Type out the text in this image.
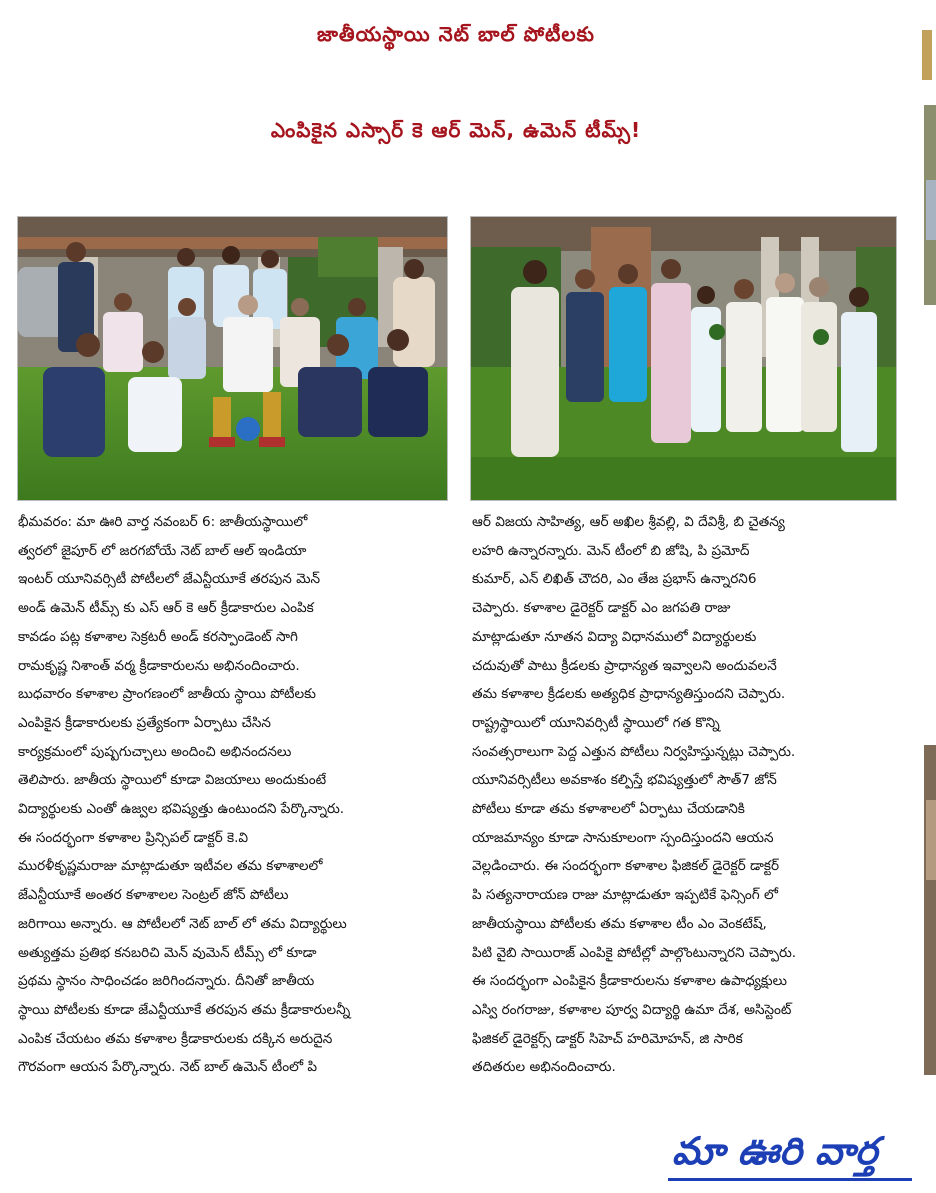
జాతీయస్థాయి నెట్ బాల్ పోటీలకు
ఎంపికైన ఎస్సార్ కె ఆర్ మెన్, ఉమెన్ టీమ్స్!

భీమవరం: మా ఊరి వార్త నవంబర్ 6: జాతీయస్థాయిలో

త్వరలో జైపూర్ లో జరగబోయే నెట్ బాల్ ఆల్ ఇండియా

ఇంటర్ యూనివర్సిటీ పోటీలలో జేఎన్టీయూకే తరపున మెన్

అండ్ ఉమెన్ టీమ్స్ కు ఎస్ ఆర్ కె ఆర్ క్రీడాకారుల ఎంపిక

కావడం పట్ల కళాశాల సెక్రటరీ అండ్ కరస్పాండెంట్ సాగి

రామకృష్ణ నిశాంత్ వర్మ క్రీడాకారులను అభినందించారు.

బుధవారం కళాశాల ప్రాంగణంలో జాతీయ స్థాయి పోటీలకు

ఎంపికైన క్రీడాకారులకు ప్రత్యేకంగా ఏర్పాటు చేసిన

కార్యక్రమంలో పుష్పగుచ్చాలు అందించి అభినందనలు

తెలిపారు. జాతీయ స్థాయిలో కూడా విజయాలు అందుకుంటే

విద్యార్థులకు ఎంతో ఉజ్వల భవిష్యత్తు ఉంటుందని పేర్కొన్నారు.

ఈ సందర్భంగా కళాశాల ప్రిన్సిపల్ డాక్టర్ కె.వి

మురళీకృష్ణమరాజు మాట్లాడుతూ ఇటీవల తమ కళాశాలలో

జేఎన్టీయూకే అంతర కళాశాలల సెంట్రల్ జోన్ పోటీలు

జరిగాయి అన్నారు. ఆ పోటీలలో నెట్ బాల్ లో తమ విద్యార్థులు

అత్యుత్తమ ప్రతిభ కనబరిచి మెన్ వుమెన్ టీమ్స్ లో కూడా

ప్రథమ స్థానం సాధించడం జరిగిందన్నారు. దీనితో జాతీయ

స్థాయి పోటీలకు కూడా జేఎన్టీయూకే తరపున తమ క్రీడాకారులన్నీ

ఎంపిక చేయటం తమ కళాశాల క్రీడాకారులకు దక్కిన అరుదైన

గౌరవంగా ఆయన పేర్కొన్నారు. నెట్ బాల్ ఉమెన్ టీంలో పి

ఆర్ విజయ సాహిత్య, ఆర్ అఖిల శ్రీవల్లి, వి దేవిశ్రీ, బి చైతన్య

లహరి ఉన్నారన్నారు. మెన్ టీంలో బి జోషి, పి ప్రమోద్

కుమార్, ఎన్ లిఖిత్ చౌదరి, ఎం తేజ ప్రభాస్ ఉన్నారని6

చెప్పారు. కళాశాల డైరెక్టర్ డాక్టర్ ఎం జగపతి రాజు

మాట్లాడుతూ నూతన విద్యా విధానములో విద్యార్థులకు

చదువుతో పాటు క్రీడలకు ప్రాధాన్యత ఇవ్వాలని అందువలనే

తమ కళాశాల క్రీడలకు అత్యధిక ప్రాధాన్యతిస్తుందని చెప్పారు.

రాష్ట్రస్థాయిలో యూనివర్సిటీ స్థాయిలో గత కొన్ని

సంవత్సరాలుగా పెద్ద ఎత్తున పోటీలు నిర్వహిస్తున్నట్లు చెప్పారు.

యూనివర్సిటీలు అవకాశం కల్పిస్తే భవిష్యత్తులో సౌత్7 జోన్

పోటీలు కూడా తమ కళాశాలలో ఏర్పాటు చేయడానికి

యాజమాన్యం కూడా సానుకూలంగా స్పందిస్తుందని ఆయన

వెల్లడించారు. ఈ సందర్భంగా కళాశాల ఫిజికల్ డైరెక్టర్ డాక్టర్

పి సత్యనారాయణ రాజు మాట్లాడుతూ ఇప్పటికే ఫెన్సింగ్ లో

జాతీయస్థాయి పోటీలకు తమ కళాశాల టీం ఎం వెంకటేష్,

పిటి వైబి సాయిరాజ్ ఎంపికై పోటీల్లో పాల్గొంటున్నారని చెప్పారు.

ఈ సందర్భంగా ఎంపికైన క్రీడాకారులను కళాశాల ఉపాధ్యక్షులు

ఎస్వి రంగరాజు, కళాశాల పూర్వ విద్యార్థి ఉమా దేశ, అసిస్టెంట్

ఫిజికల్ డైరెక్టర్స్ డాక్టర్ సిహెచ్ హరిమోహన్, జి సారిక

తదితరుల అభినందించారు.

మా ఊరి వార్త
